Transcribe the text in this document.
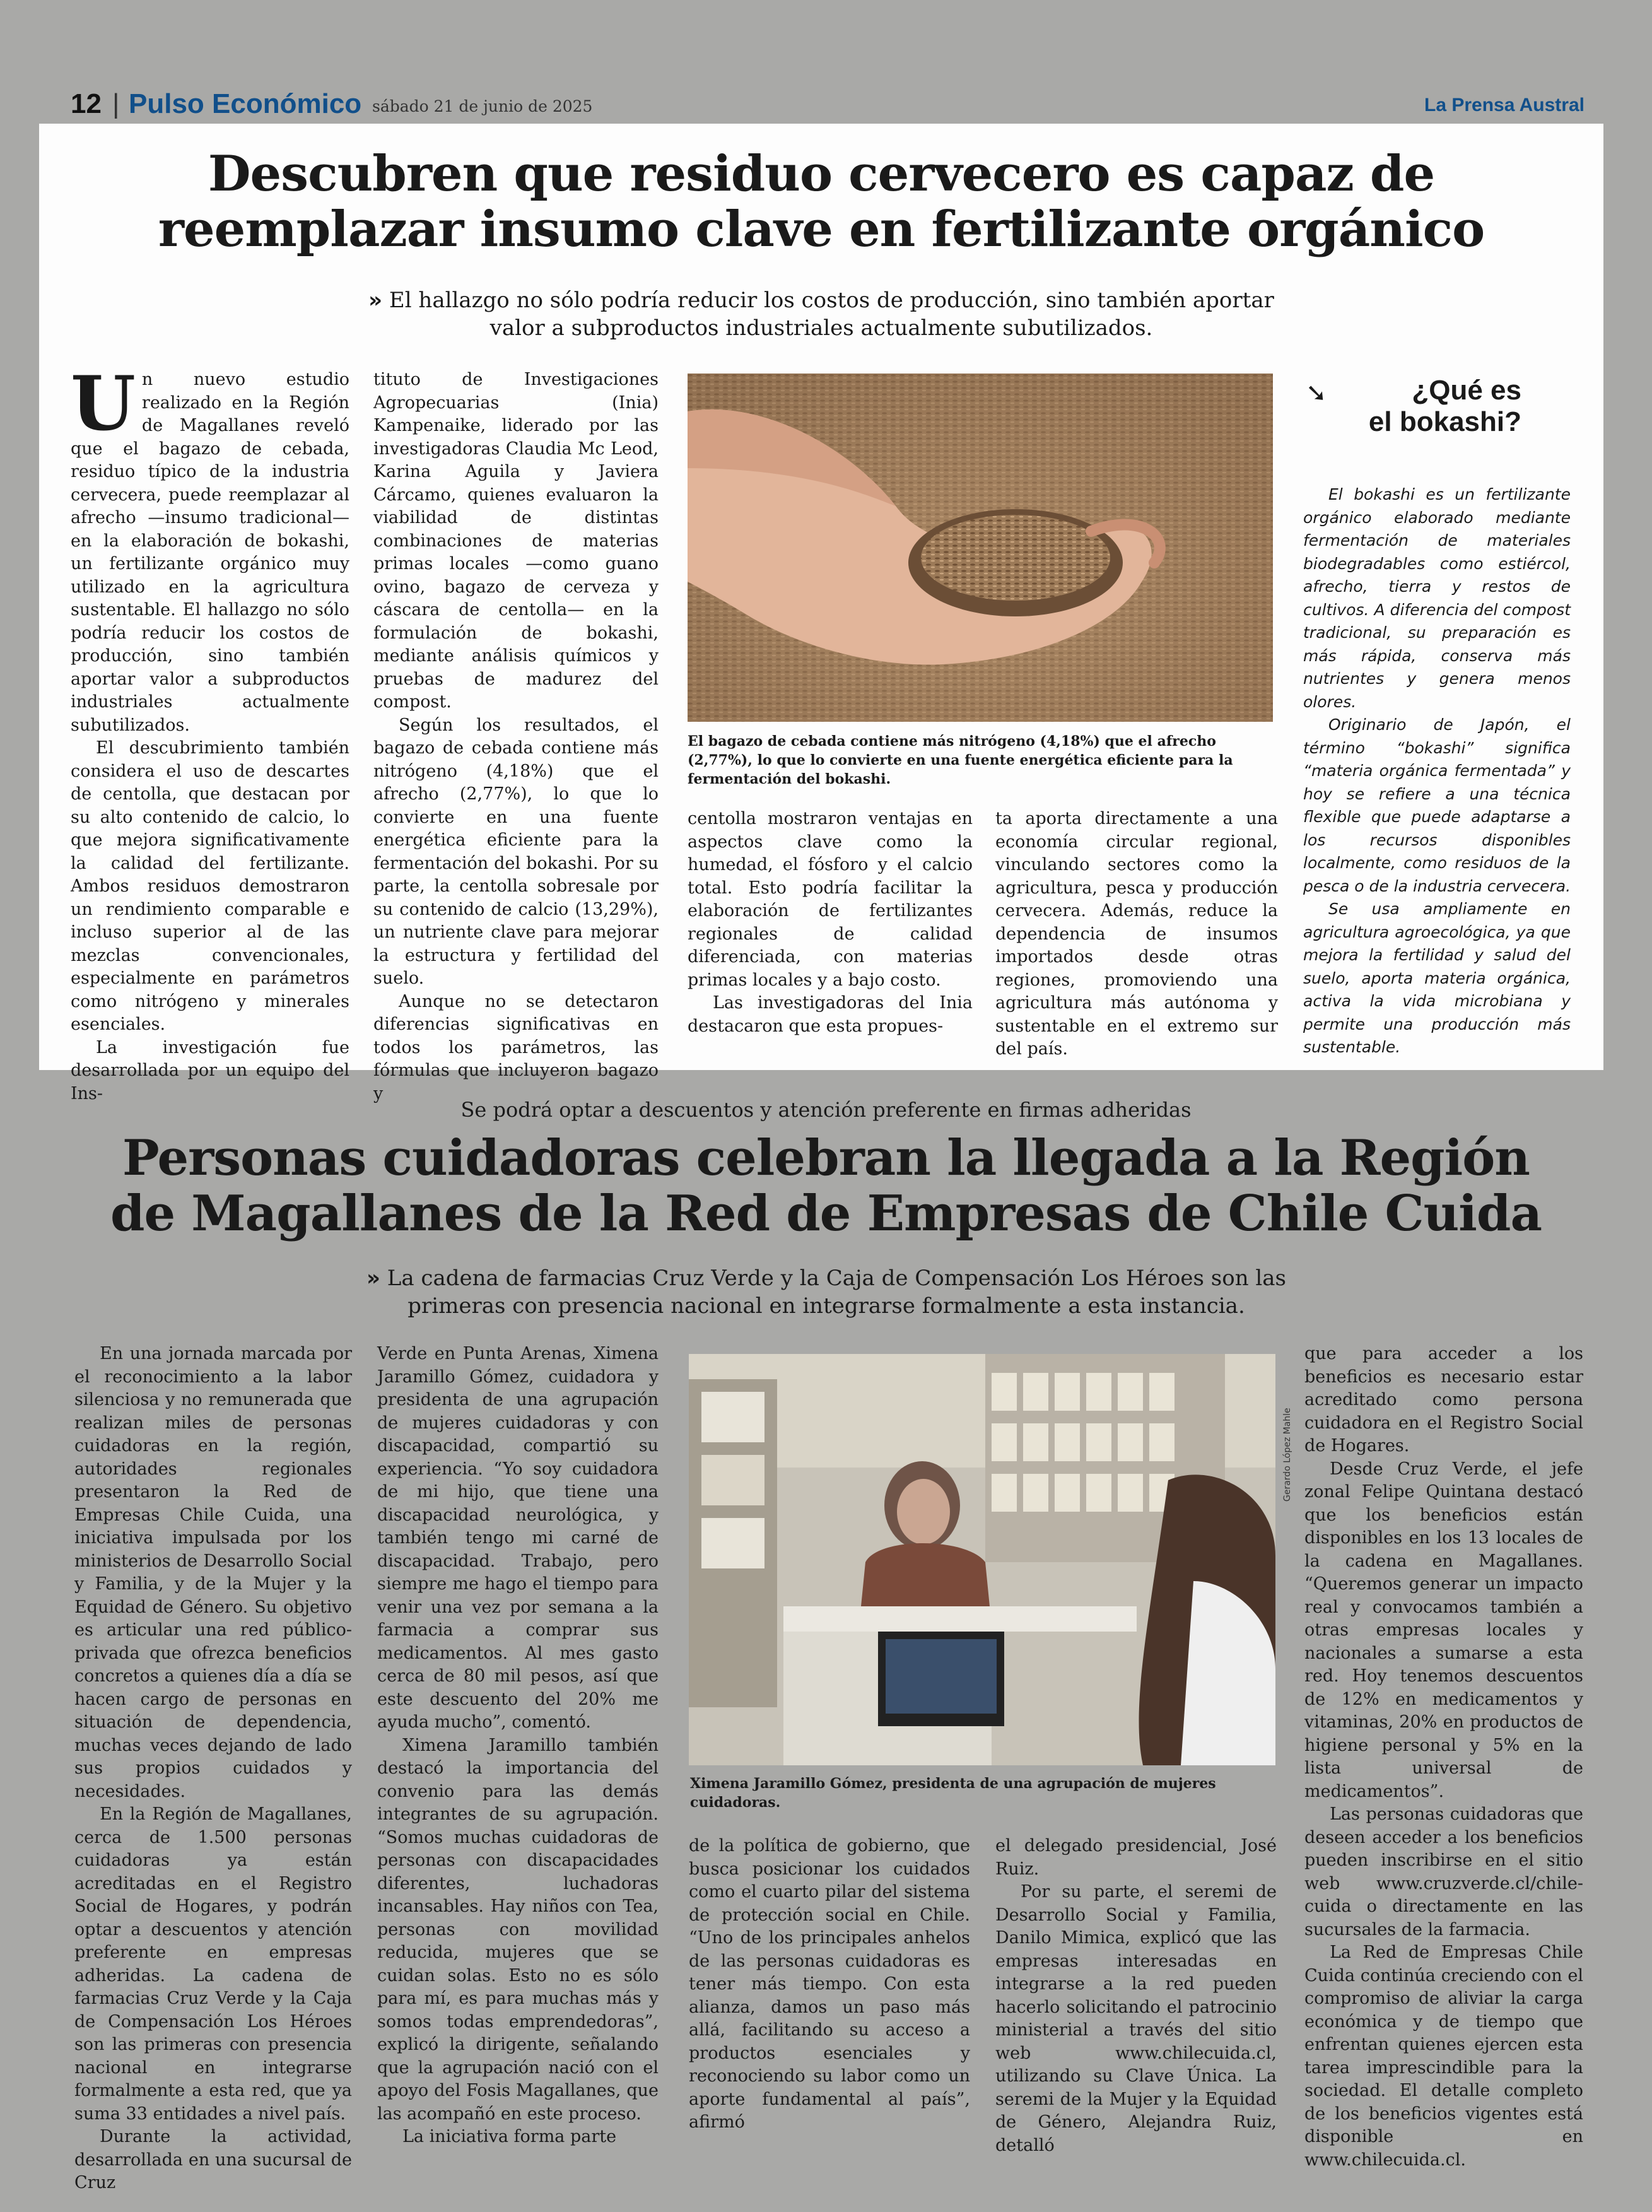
12 | Pulso Económico sábado 21 de junio de 2025	La Prensa Austral
Descubren que residuo cervecero es capaz de
reemplazar insumo clave en fertilizante orgánico

» El hallazgo no sólo podría reducir los costos de producción, sino también aportar
valor a subproductos industriales actualmente subutilizados.

Un nuevo estudio realizado en la Región de Magallanes reveló que el bagazo de cebada, residuo típico de la industria cervecera, puede reemplazar al afrecho —insumo tradicional— en la elaboración de bokashi, un fertilizante orgánico muy utilizado en la agricultura sustentable. El hallazgo no sólo podría reducir los costos de producción, sino también aportar valor a subproductos industriales actualmente subutilizados.

El descubrimiento también considera el uso de descartes de centolla, que destacan por su alto contenido de calcio, lo que mejora significativamente la calidad del fertilizante. Ambos residuos demostraron un rendimiento comparable e incluso superior al de las mezclas convencionales, especialmente en parámetros como nitrógeno y minerales esenciales.

La investigación fue desarrollada por un equipo del Ins-

tituto de Investigaciones Agropecuarias (Inia) Kampenaike, liderado por las investigadoras Claudia Mc Leod, Karina Aguila y Javiera Cárcamo, quienes evaluaron la viabilidad de distintas combinaciones de materias primas locales —como guano ovino, bagazo de cerveza y cáscara de centolla— en la formulación de bokashi, mediante análisis químicos y pruebas de madurez del compost.

Según los resultados, el bagazo de cebada contiene más nitrógeno (4,18%) que el afrecho (2,77%), lo que lo convierte en una fuente energética eficiente para la fermentación del bokashi. Por su parte, la centolla sobresale por su contenido de calcio (13,29%), un nutriente clave para mejorar la estructura y fertilidad del suelo.

Aunque no se detectaron diferencias significativas en todos los parámetros, las fórmulas que incluyeron bagazo y

El bagazo de cebada contiene más nitrógeno (4,18%) que el afrecho (2,77%), lo que lo convierte en una fuente energética eficiente para la fermentación del bokashi.

centolla mostraron ventajas en aspectos clave como la humedad, el fósforo y el calcio total. Esto podría facilitar la elaboración de fertilizantes regionales de calidad diferenciada, con materias primas locales y a bajo costo.

Las investigadoras del Inia destacaron que esta propues-

ta aporta directamente a una economía circular regional, vinculando sectores como la agricultura, pesca y producción cervecera. Además, reduce la dependencia de insumos importados desde otras regiones, promoviendo una agricultura más autónoma y sustentable en el extremo sur del país.

➘	¿Qué es
el bokashi?

El bokashi es un fertilizante orgánico elaborado mediante fermentación de materiales biodegradables como estiércol, afrecho, tierra y restos de cultivos. A diferencia del compost tradicional, su preparación es más rápida, conserva más nutrientes y genera menos olores.

Originario de Japón, el término “bokashi” significa “materia orgánica fermentada” y hoy se refiere a una técnica flexible que puede adaptarse a los recursos disponibles localmente, como residuos de la pesca o de la industria cervecera.

Se usa ampliamente en agricultura agroecológica, ya que mejora la fertilidad y salud del suelo, aporta materia orgánica, activa la vida microbiana y permite una producción más sustentable.

Se podrá optar a descuentos y atención preferente en firmas adheridas

Personas cuidadoras celebran la llegada a la Región
de Magallanes de la Red de Empresas de Chile Cuida

» La cadena de farmacias Cruz Verde y la Caja de Compensación Los Héroes son las
primeras con presencia nacional en integrarse formalmente a esta instancia.

En una jornada marcada por el reconocimiento a la labor silenciosa y no remunerada que realizan miles de personas cuidadoras en la región, autoridades regionales presentaron la Red de Empresas Chile Cuida, una iniciativa impulsada por los ministerios de Desarrollo Social y Familia, y de la Mujer y la Equidad de Género. Su objetivo es articular una red público-privada que ofrezca beneficios concretos a quienes día a día se hacen cargo de personas en situación de dependencia, muchas veces dejando de lado sus propios cuidados y necesidades.

En la Región de Magallanes, cerca de 1.500 personas cuidadoras ya están acreditadas en el Registro Social de Hogares, y podrán optar a descuentos y atención preferente en empresas adheridas. La cadena de farmacias Cruz Verde y la Caja de Compensación Los Héroes son las primeras con presencia nacional en integrarse formalmente a esta red, que ya suma 33 entidades a nivel país.

Durante la actividad, desarrollada en una sucursal de Cruz

Verde en Punta Arenas, Ximena Jaramillo Gómez, cuidadora y presidenta de una agrupación de mujeres cuidadoras y con discapacidad, compartió su experiencia. “Yo soy cuidadora de mi hijo, que tiene una discapacidad neurológica, y también tengo mi carné de discapacidad. Trabajo, pero siempre me hago el tiempo para venir una vez por semana a la farmacia a comprar sus medicamentos. Al mes gasto cerca de 80 mil pesos, así que este descuento del 20% me ayuda mucho”, comentó.

Ximena Jaramillo también destacó la importancia del convenio para las demás integrantes de su agrupación. “Somos muchas cuidadoras de personas con discapacidades diferentes, luchadoras incansables. Hay niños con Tea, personas con movilidad reducida, mujeres que se cuidan solas. Esto no es sólo para mí, es para muchas más y somos todas emprendedoras”, explicó la dirigente, señalando que la agrupación nació con el apoyo del Fosis Magallanes, que las acompañó en este proceso.

La iniciativa forma parte

Ximena Jaramillo Gómez, presidenta de una agrupación de mujeres cuidadoras.

Gerardo López Mahle

de la política de gobierno, que busca posicionar los cuidados como el cuarto pilar del sistema de protección social en Chile. “Uno de los principales anhelos de las personas cuidadoras es tener más tiempo. Con esta alianza, damos un paso más allá, facilitando su acceso a productos esenciales y reconociendo su labor como un aporte fundamental al país”, afirmó

el delegado presidencial, José Ruiz.

Por su parte, el seremi de Desarrollo Social y Familia, Danilo Mimica, explicó que las empresas interesadas en integrarse a la red pueden hacerlo solicitando el patrocinio ministerial a través del sitio web www.chilecuida.cl, utilizando su Clave Única. La seremi de la Mujer y la Equidad de Género, Alejandra Ruiz, detalló

que para acceder a los beneficios es necesario estar acreditado como persona cuidadora en el Registro Social de Hogares.

Desde Cruz Verde, el jefe zonal Felipe Quintana destacó que los beneficios están disponibles en los 13 locales de la cadena en Magallanes. “Queremos generar un impacto real y convocamos también a otras empresas locales y nacionales a sumarse a esta red. Hoy tenemos descuentos de 12% en medicamentos y vitaminas, 20% en productos de higiene personal y 5% en la lista universal de medicamentos”.

Las personas cuidadoras que deseen acceder a los beneficios pueden inscribirse en el sitio web www.cruzverde.cl/chile-cuida o directamente en las sucursales de la farmacia.

La Red de Empresas Chile Cuida continúa creciendo con el compromiso de aliviar la carga económica y de tiempo que enfrentan quienes ejercen esta tarea imprescindible para la sociedad. El detalle completo de los beneficios vigentes está disponible en www.chilecuida.cl.
